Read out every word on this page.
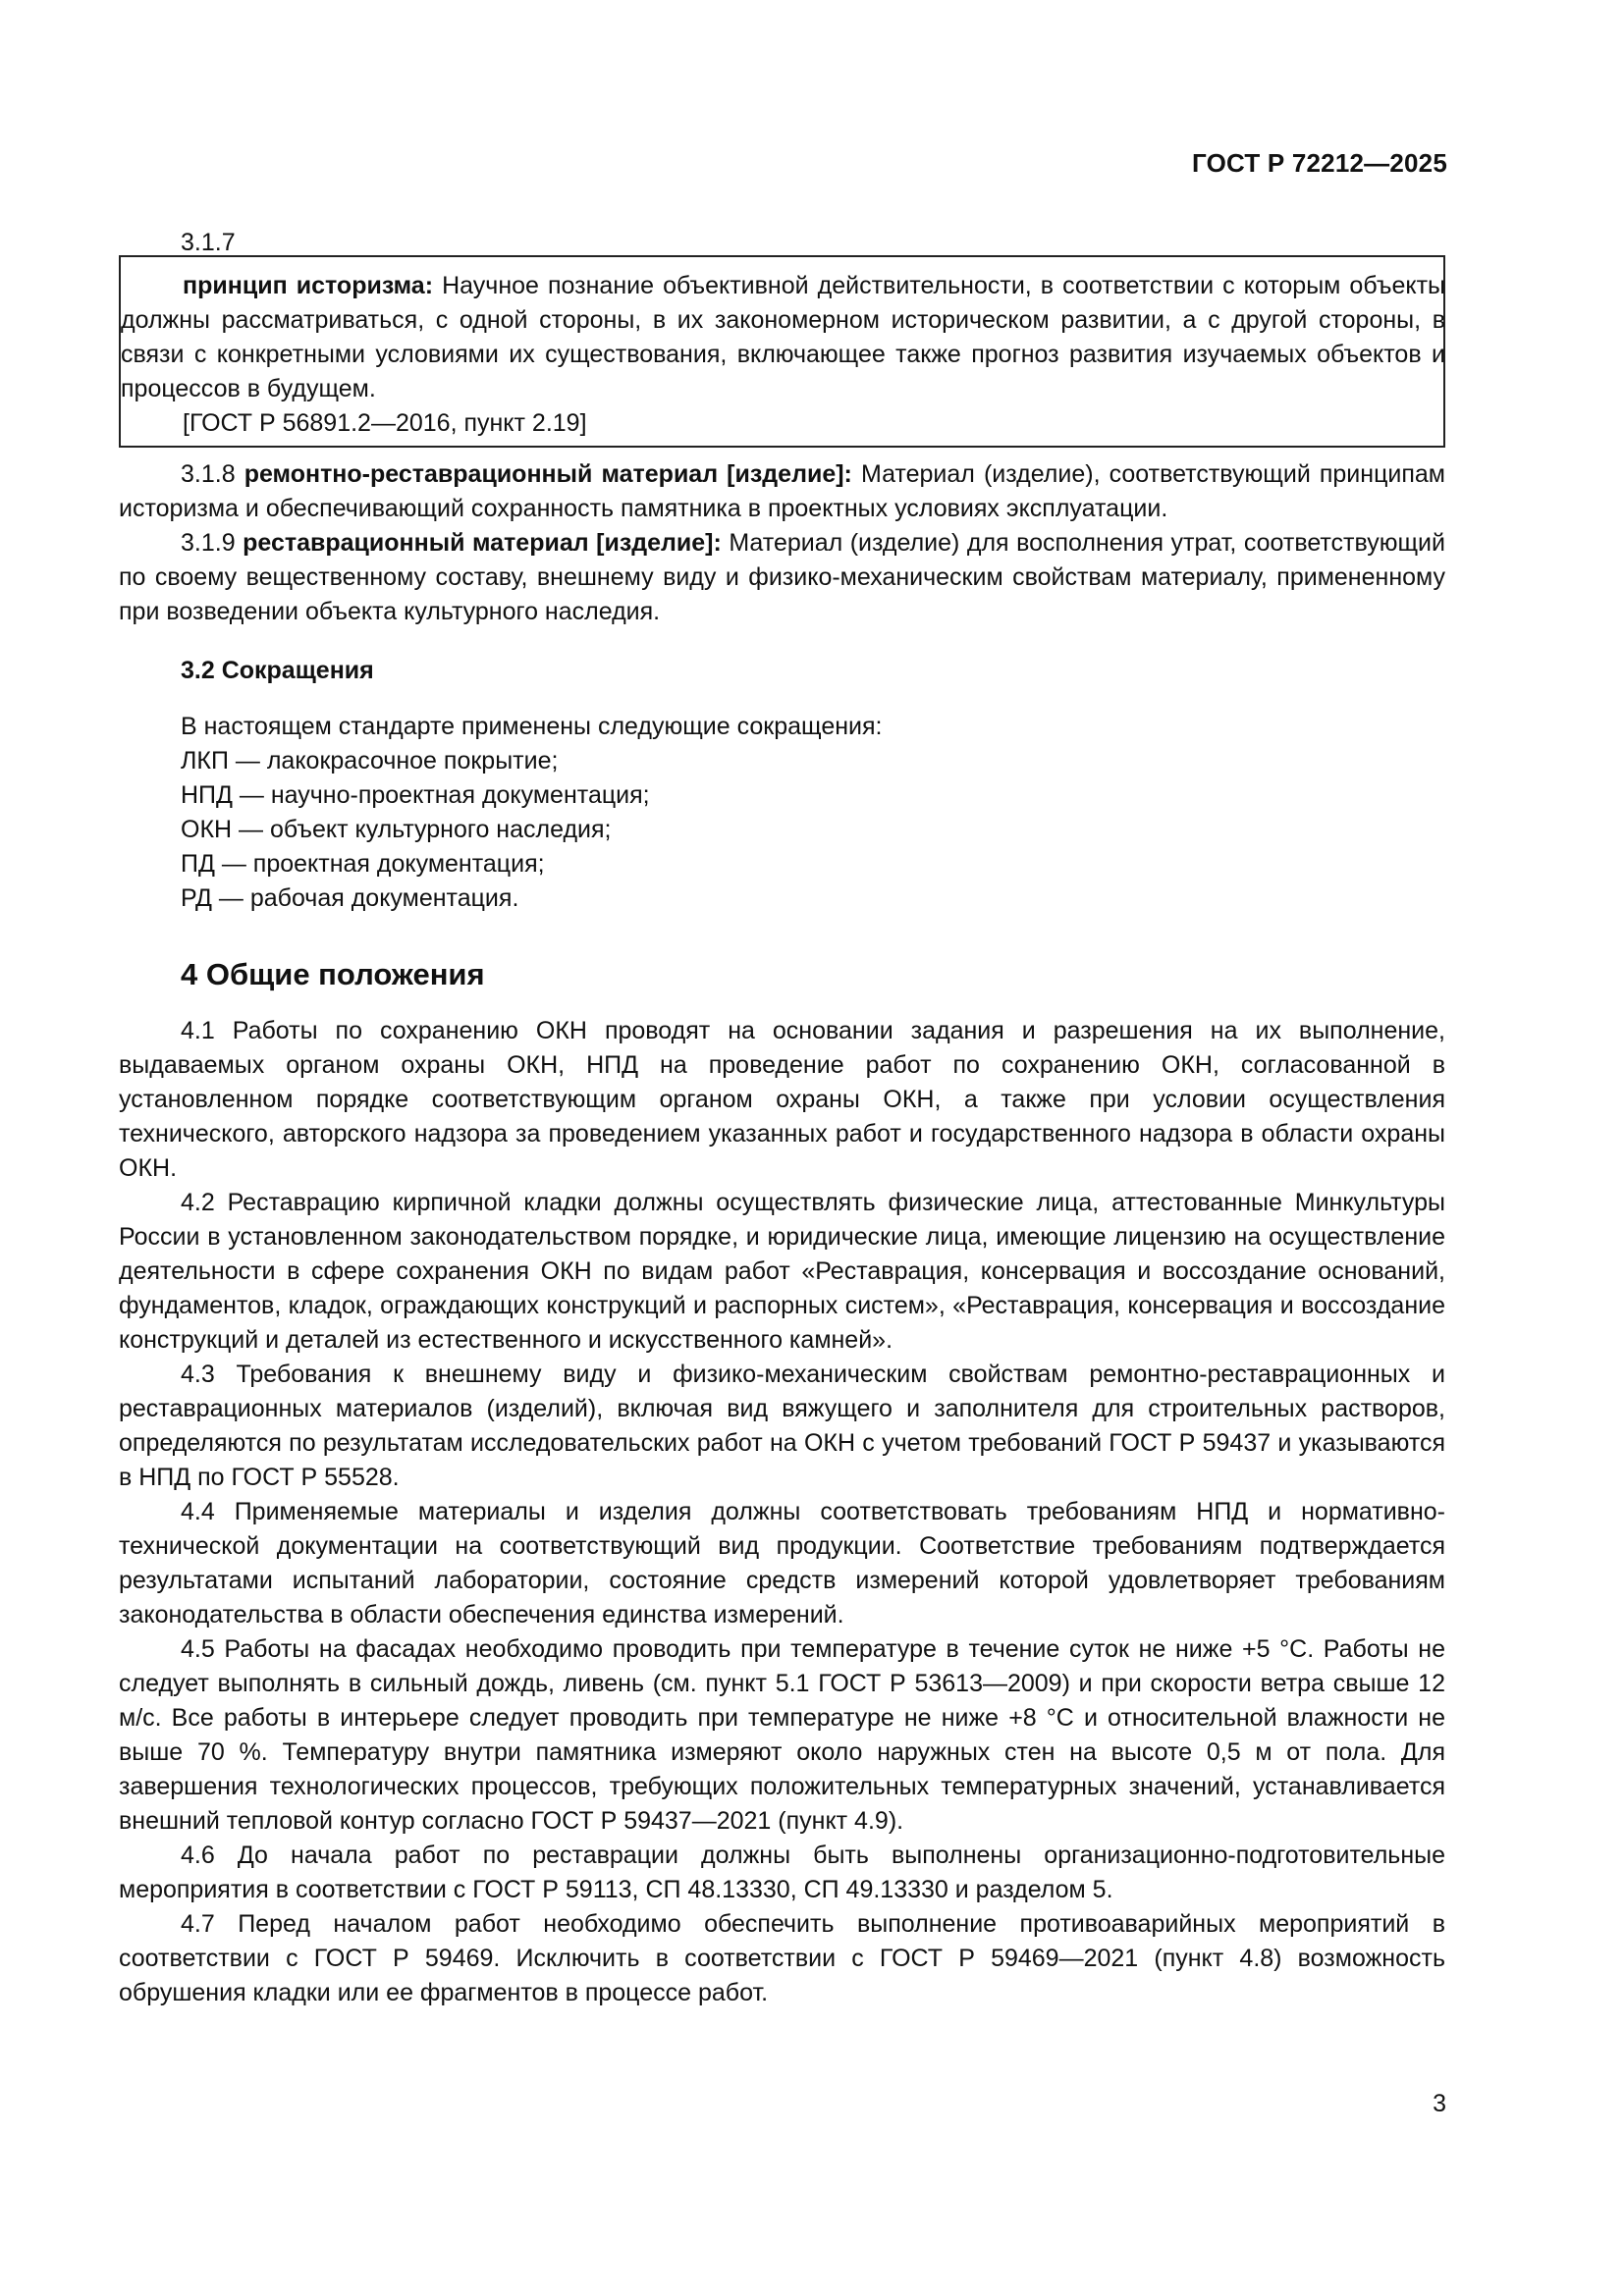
ГОСТ Р 72212—2025
3.1.7

принцип историзма: Научное познание объективной действительности, в соответствии с которым объекты должны рассматриваться, с одной стороны, в их закономерном историческом развитии, а с другой стороны, в связи с конкретными условиями их существования, включающее также прогноз развития изучаемых объектов и процессов в будущем.

[ГОСТ Р 56891.2—2016, пункт 2.19]

3.1.8 ремонтно-реставрационный материал [изделие]: Материал (изделие), соответствующий принципам историзма и обеспечивающий сохранность памятника в проектных условиях эксплуатации.

3.1.9 реставрационный материал [изделие]: Материал (изделие) для восполнения утрат, соответствующий по своему вещественному составу, внешнему виду и физико-механическим свойствам материалу, примененному при возведении объекта культурного наследия.

3.2 Сокращения
В настоящем стандарте применены следующие сокращения:
ЛКП — лакокрасочное покрытие;
НПД — научно-проектная документация;
ОКН — объект культурного наследия;
ПД — проектная документация;
РД — рабочая документация.
4 Общие положения

4.1 Работы по сохранению ОКН проводят на основании задания и разрешения на их выполнение, выдаваемых органом охраны ОКН, НПД на проведение работ по сохранению ОКН, согласованной в установленном порядке соответствующим органом охраны ОКН, а также при условии осуществления технического, авторского надзора за проведением указанных работ и государственного надзора в области охраны ОКН.

4.2 Реставрацию кирпичной кладки должны осуществлять физические лица, аттестованные Минкультуры России в установленном законодательством порядке, и юридические лица, имеющие лицензию на осуществление деятельности в сфере сохранения ОКН по видам работ «Реставрация, консервация и воссоздание оснований, фундаментов, кладок, ограждающих конструкций и распорных систем», «Реставрация, консервация и воссоздание конструкций и деталей из естественного и искусственного камней».

4.3 Требования к внешнему виду и физико-механическим свойствам ремонтно-реставрационных и реставрационных материалов (изделий), включая вид вяжущего и заполнителя для строительных растворов, определяются по результатам исследовательских работ на ОКН с учетом требований ГОСТ Р 59437 и указываются в НПД по ГОСТ Р 55528.

4.4 Применяемые материалы и изделия должны соответствовать требованиям НПД и нормативно-технической документации на соответствующий вид продукции. Соответствие требованиям подтверждается результатами испытаний лаборатории, состояние средств измерений которой удовлетворяет требованиям законодательства в области обеспечения единства измерений.

4.5 Работы на фасадах необходимо проводить при температуре в течение суток не ниже +5 °C. Работы не следует выполнять в сильный дождь, ливень (см. пункт 5.1 ГОСТ Р 53613—2009) и при скорости ветра свыше 12 м/с. Все работы в интерьере следует проводить при температуре не ниже +8 °C и относительной влажности не выше 70 %. Температуру внутри памятника измеряют около наружных стен на высоте 0,5 м от пола. Для завершения технологических процессов, требующих положительных температурных значений, устанавливается внешний тепловой контур согласно ГОСТ Р 59437—2021 (пункт 4.9).

4.6 До начала работ по реставрации должны быть выполнены организационно-подготовительные мероприятия в соответствии с ГОСТ Р 59113, СП 48.13330, СП 49.13330 и разделом 5.

4.7 Перед началом работ необходимо обеспечить выполнение противоаварийных мероприятий в соответствии с ГОСТ Р 59469. Исключить в соответствии с ГОСТ Р 59469—2021 (пункт 4.8) возможность обрушения кладки или ее фрагментов в процессе работ.

3
